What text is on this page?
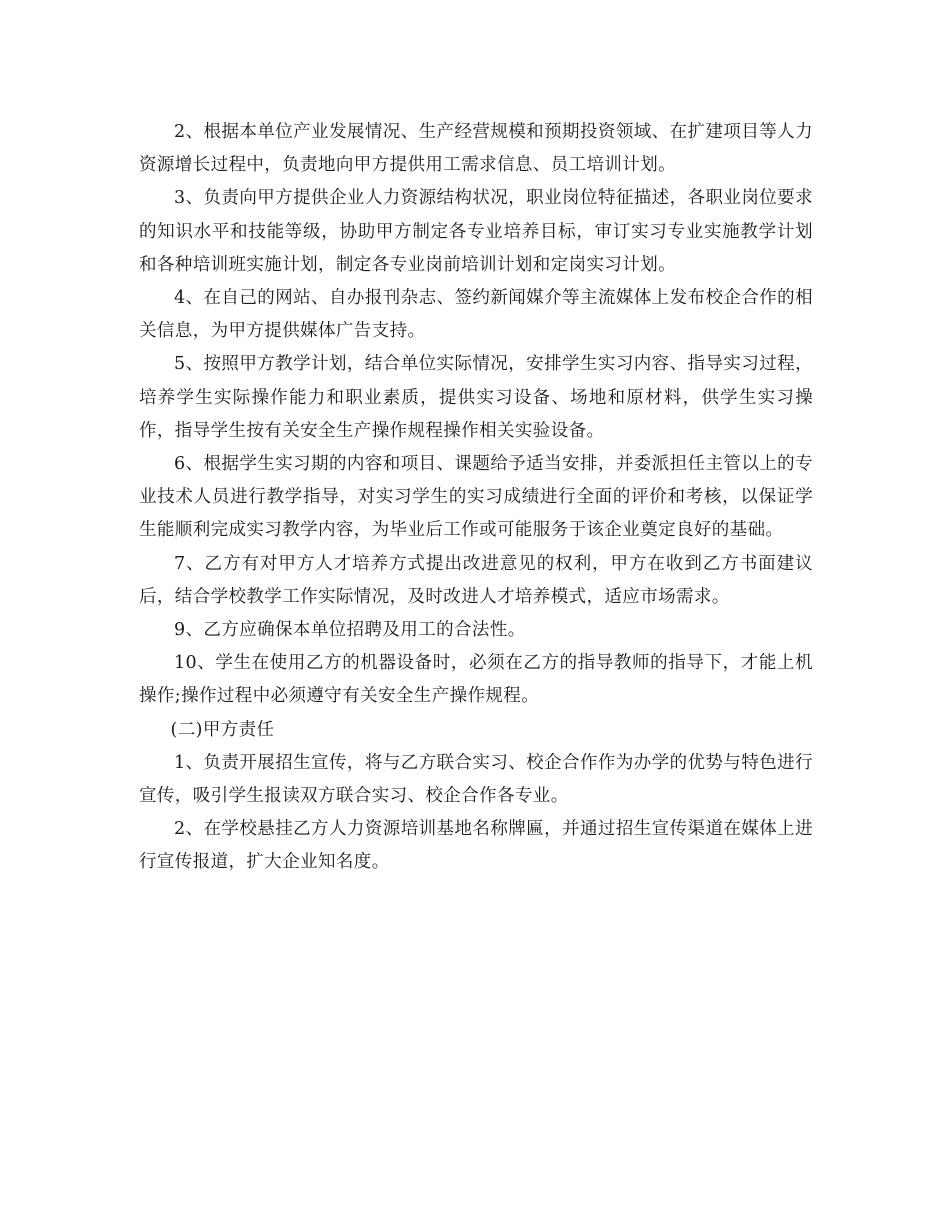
2、根据本单位产业发展情况、生产经营规模和预期投资领域、在扩建项目等人力资源增长过程中，负责地向甲方提供用工需求信息、员工培训计划。

3、负责向甲方提供企业人力资源结构状况，职业岗位特征描述，各职业岗位要求的知识水平和技能等级，协助甲方制定各专业培养目标，审订实习专业实施教学计划和各种培训班实施计划，制定各专业岗前培训计划和定岗实习计划。

4、在自己的网站、自办报刊杂志、签约新闻媒介等主流媒体上发布校企合作的相关信息，为甲方提供媒体广告支持。

5、按照甲方教学计划，结合单位实际情况，安排学生实习内容、指导实习过程，培养学生实际操作能力和职业素质，提供实习设备、场地和原材料，供学生实习操作，指导学生按有关安全生产操作规程操作相关实验设备。

6、根据学生实习期的内容和项目、课题给予适当安排，并委派担任主管以上的专业技术人员进行教学指导，对实习学生的实习成绩进行全面的评价和考核，以保证学生能顺利完成实习教学内容，为毕业后工作或可能服务于该企业奠定良好的基础。

7、乙方有对甲方人才培养方式提出改进意见的权利，甲方在收到乙方书面建议后，结合学校教学工作实际情况，及时改进人才培养模式，适应市场需求。

9、乙方应确保本单位招聘及用工的合法性。

10、学生在使用乙方的机器设备时，必须在乙方的指导教师的指导下，才能上机操作;操作过程中必须遵守有关安全生产操作规程。

(二)甲方责任

1、负责开展招生宣传，将与乙方联合实习、校企合作作为办学的优势与特色进行宣传，吸引学生报读双方联合实习、校企合作各专业。

2、在学校悬挂乙方人力资源培训基地名称牌匾，并通过招生宣传渠道在媒体上进行宣传报道，扩大企业知名度。
